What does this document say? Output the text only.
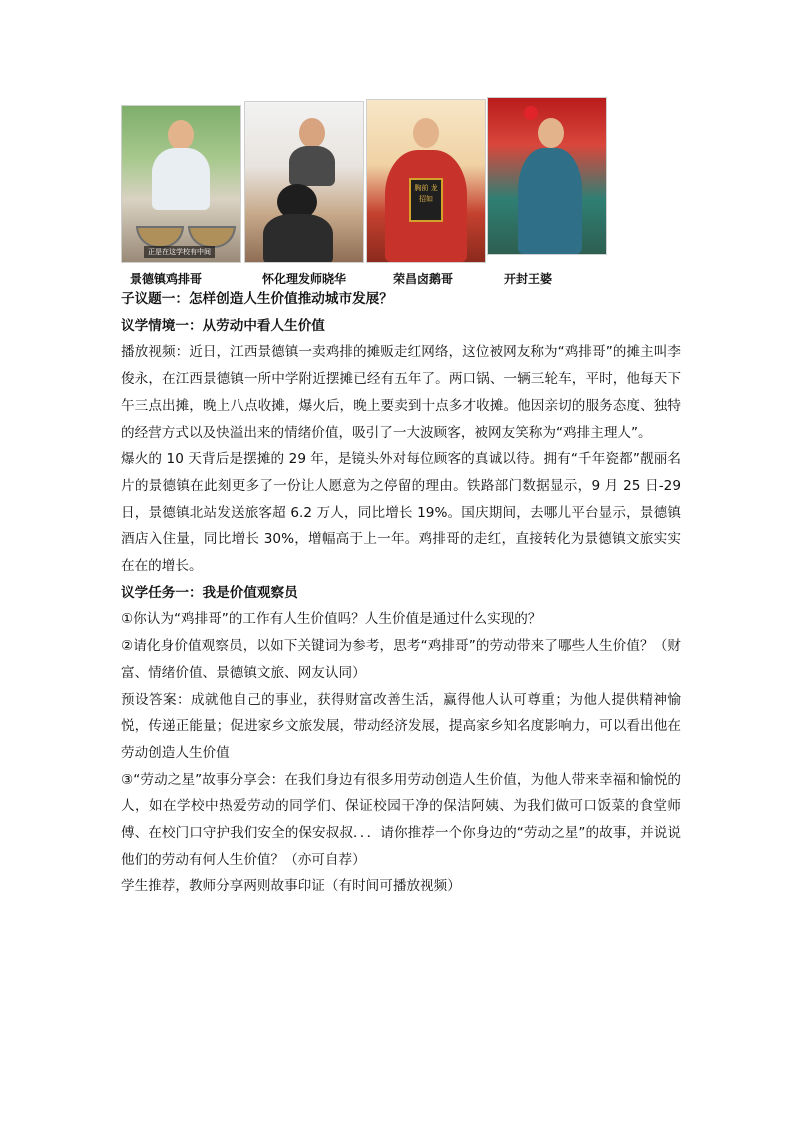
正是在这学校有中间
胸前 龙招如
景德镇鸡排哥	怀化理发师晓华	荣昌卤鹅哥	开封王婆

子议题一：怎样创造人生价值推动城市发展？

议学情境一：从劳动中看人生价值

播放视频：近日，江西景德镇一卖鸡排的摊贩走红网络，这位被网友称为“鸡排哥”的摊主叫李俊永，在江西景德镇一所中学附近摆摊已经有五年了。两口锅、一辆三轮车，平时，他每天下午三点出摊，晚上八点收摊，爆火后，晚上要卖到十点多才收摊。他因亲切的服务态度、独特的经营方式以及快溢出来的情绪价值，吸引了一大波顾客，被网友笑称为“鸡排主理人”。

爆火的 10 天背后是摆摊的 29 年，是镜头外对每位顾客的真诚以待。拥有“千年瓷都”靓丽名片的景德镇在此刻更多了一份让人愿意为之停留的理由。铁路部门数据显示，9 月 25 日-29 日，景德镇北站发送旅客超 6.2 万人，同比增长 19%。国庆期间，去哪儿平台显示，景德镇酒店入住量，同比增长 30%，增幅高于上一年。鸡排哥的走红，直接转化为景德镇文旅实实在在的增长。

议学任务一：我是价值观察员

①你认为“鸡排哥”的工作有人生价值吗？人生价值是通过什么实现的？

②请化身价值观察员，以如下关键词为参考，思考“鸡排哥”的劳动带来了哪些人生价值？（财富、情绪价值、景德镇文旅、网友认同）

预设答案：成就他自己的事业，获得财富改善生活，赢得他人认可尊重；为他人提供精神愉悦，传递正能量；促进家乡文旅发展，带动经济发展，提高家乡知名度影响力，可以看出他在劳动创造人生价值

③“劳动之星”故事分享会：在我们身边有很多用劳动创造人生价值，为他人带来幸福和愉悦的人，如在学校中热爱劳动的同学们、保证校园干净的保洁阿姨、为我们做可口饭菜的食堂师傅、在校门口守护我们安全的保安叔叔．．．请你推荐一个你身边的“劳动之星”的故事，并说说他们的劳动有何人生价值？（亦可自荐）

学生推荐，教师分享两则故事印证（有时间可播放视频）
